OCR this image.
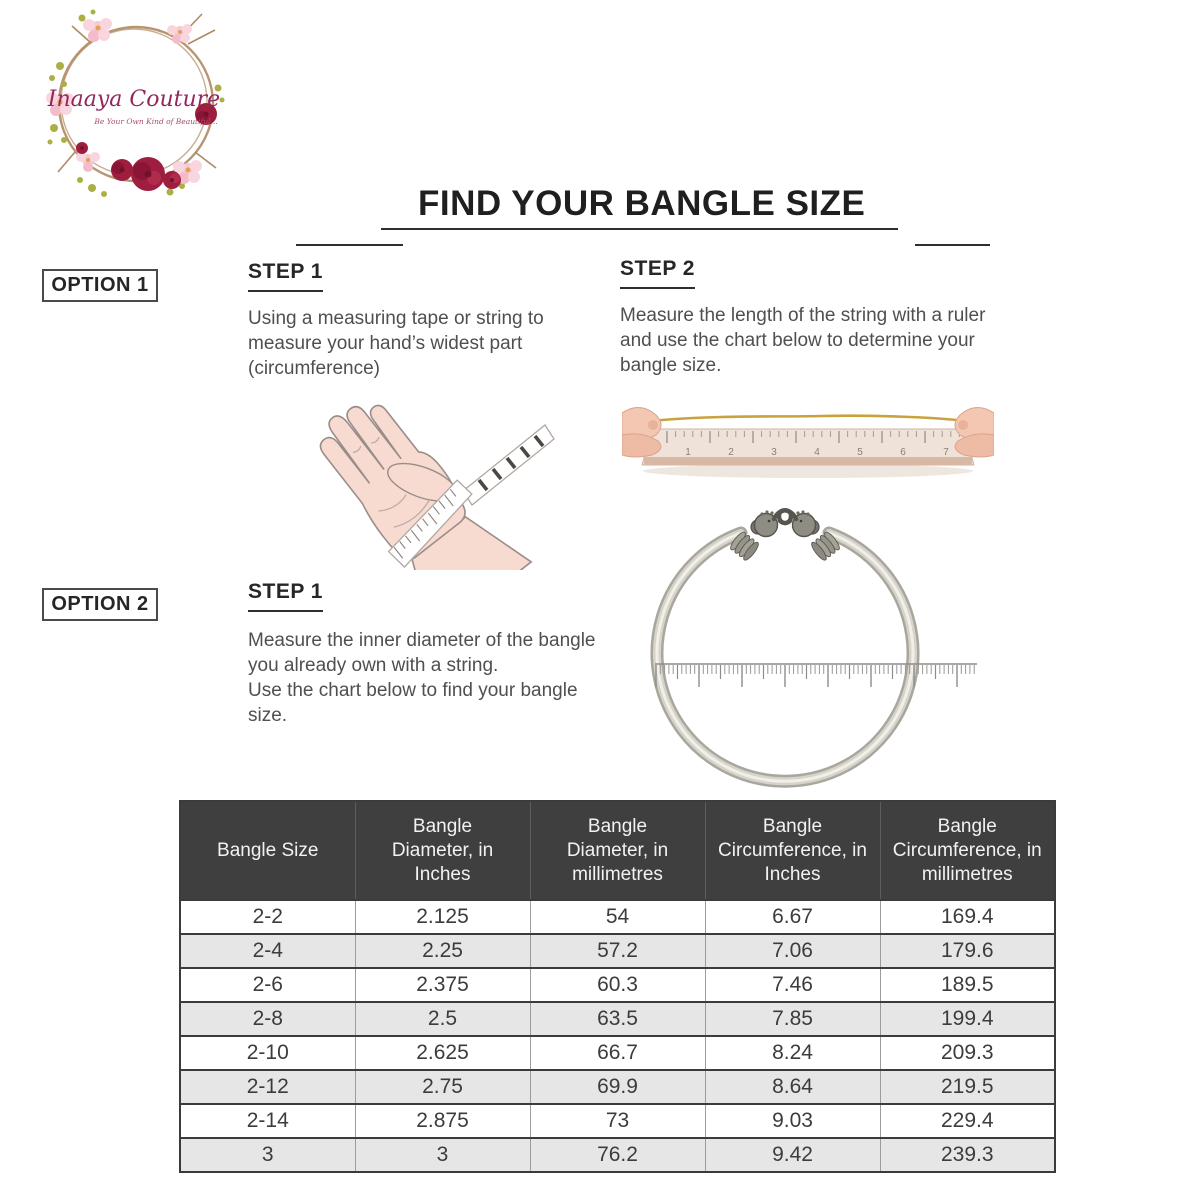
Inaaya Couture
Be Your Own Kind of Beautiful...
FIND YOUR BANGLE SIZE
OPTION 1
STEP 1
Using a measuring tape or string to
measure your hand’s widest part
(circumference)
STEP 2
Measure the length of the string with a ruler
and use the chart below to determine your
bangle size.
1	2	3	4	5	6	7
OPTION 2
STEP 1
Measure the inner diameter of the bangle
you already own with a string.
Use the chart below to find your bangle
size.
Bangle Size	Bangle Diameter, in Inches	Bangle Diameter, in millimetres	Bangle Circumference, in Inches	Bangle Circumference, in millimetres
2-2	2.125	54	6.67	169.4
2-4	2.25	57.2	7.06	179.6
2-6	2.375	60.3	7.46	189.5
2-8	2.5	63.5	7.85	199.4
2-10	2.625	66.7	8.24	209.3
2-12	2.75	69.9	8.64	219.5
2-14	2.875	73	9.03	229.4
3	3	76.2	9.42	239.3
